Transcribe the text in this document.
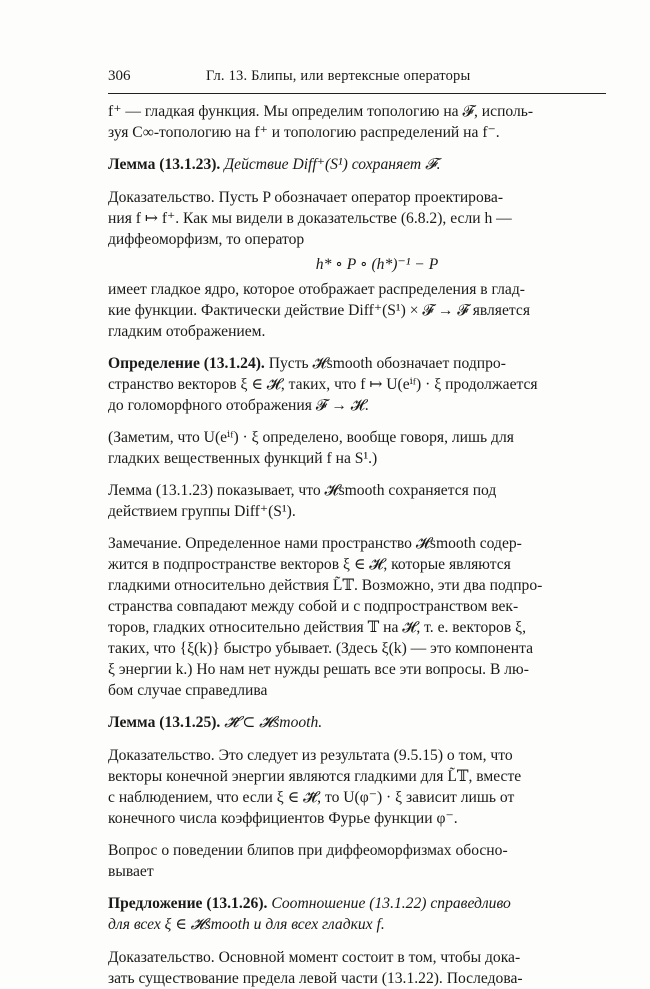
306	Гл. 13. Блипы, или вертексные операторы

f⁺ — гладкая функция. Мы определим топологию на 𝓕, исполь-
зуя C∞-топологию на f⁺ и топологию распределений на f⁻.

Лемма (13.1.23). Действие Diff⁺(S¹) сохраняет 𝓕.

Доказательство. Пусть P обозначает оператор проектирова-
ния f ↦ f⁺. Как мы видели в доказательстве (6.8.2), если h —
диффеоморфизм, то оператор

h* ∘ P ∘ (h*)⁻¹ − P

имеет гладкое ядро, которое отображает распределения в глад-
кие функции. Фактически действие Diff⁺(S¹) × 𝓕 → 𝓕 является
гладким отображением.

Определение (13.1.24). Пусть 𝓗smooth обозначает подпро-
странство векторов ξ ∈ 𝓗, таких, что f ↦ U(eⁱᶠ) · ξ продолжается
до голоморфного отображения 𝓕 → 𝓗.

(Заметим, что U(eⁱᶠ) · ξ определено, вообще говоря, лишь для
гладких вещественных функций f на S¹.)

Лемма (13.1.23) показывает, что 𝓗smooth сохраняется под
действием группы Diff⁺(S¹).

Замечание. Определенное нами пространство 𝓗smooth содер-
жится в подпространстве векторов ξ ∈ 𝓗, которые являются
гладкими относительно действия L̃𝕋. Возможно, эти два подпро-
странства совпадают между собой и с подпространством век-
торов, гладких относительно действия 𝕋 на 𝓗, т. е. векторов ξ,
таких, что {ξ(k)} быстро убывает. (Здесь ξ(k) — это компонента
ξ энергии k.) Но нам нет нужды решать все эти вопросы. В лю-
бом случае справедлива

Лемма (13.1.25). 𝓗̃ ⊂ 𝓗smooth.

Доказательство. Это следует из результата (9.5.15) о том, что
векторы конечной энергии являются гладкими для L̃𝕋, вместе
с наблюдением, что если ξ ∈ 𝓗̃, то U(φ⁻) · ξ зависит лишь от
конечного числа коэффициентов Фурье функции φ⁻.

Вопрос о поведении блипов при диффеоморфизмах обосно-
вывает

Предложение (13.1.26). Соотношение (13.1.22) справедливо
для всех ξ ∈ 𝓗smooth и для всех гладких f.

Доказательство. Основной момент состоит в том, чтобы дока-
зать существование предела левой части (13.1.22). Последова-
